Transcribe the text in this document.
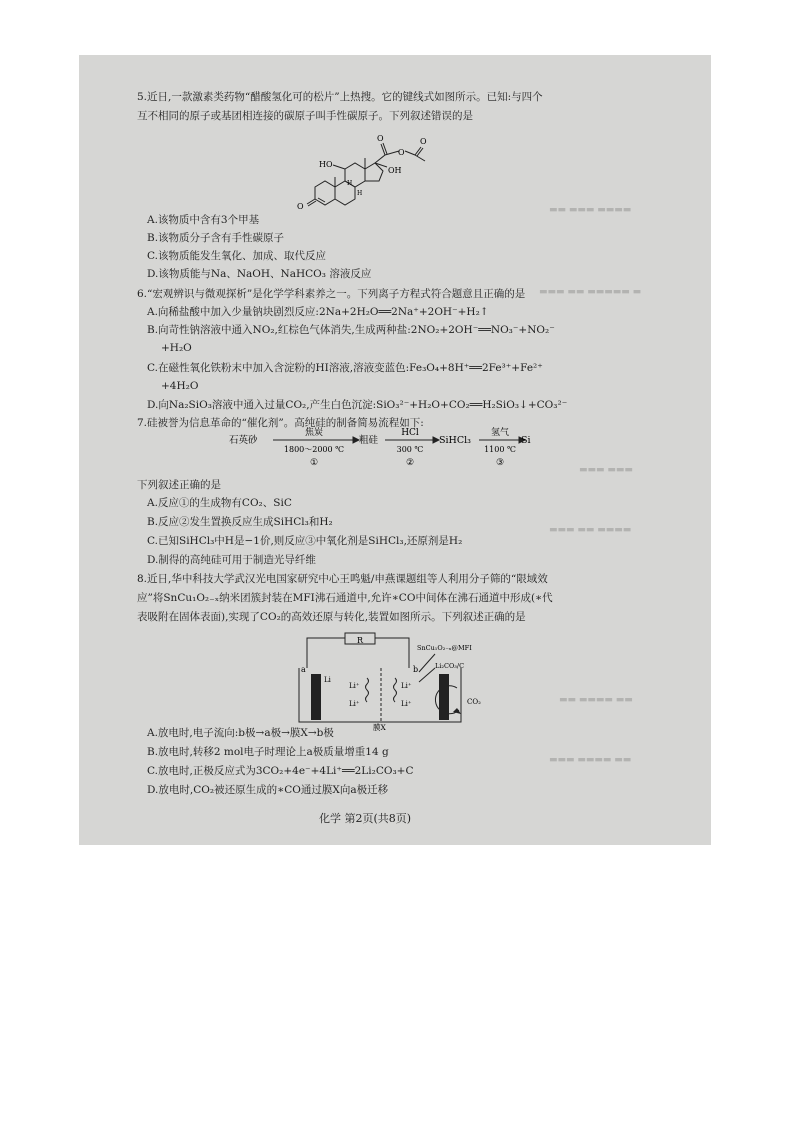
▬▬ ▬▬▬ ▬▬▬▬
▬▬▬ ▬▬ ▬▬▬▬▬ ▬
▬▬▬ ▬▬▬
▬▬▬ ▬▬ ▬▬▬▬
▬▬ ▬▬▬▬ ▬▬
▬▬▬ ▬▬▬▬ ▬▬
5.近日,一款激素类药物“醋酸氢化可的松片”上热搜。它的键线式如图所示。已知:与四个
互不相同的原子或基团相连接的碳原子叫手性碳原子。下列叙述错误的是
O
HO
O
OH
O
O
H
H
A.该物质中含有3个甲基
B.该物质分子含有手性碳原子
C.该物质能发生氧化、加成、取代反应
D.该物质能与Na、NaOH、NaHCO₃ 溶液反应
6.“宏观辨识与微观探析”是化学学科素养之一。下列离子方程式符合题意且正确的是
A.向稀盐酸中加入少量钠块剧烈反应:2Na+2H₂O══2Na⁺+2OH⁻+H₂↑
B.向苛性钠溶液中通入NO₂,红棕色气体消失,生成两种盐:2NO₂+2OH⁻══NO₃⁻+NO₂⁻
+H₂O
C.在磁性氧化铁粉末中加入含淀粉的HI溶液,溶液变蓝色:Fe₃O₄+8H⁺══2Fe³⁺+Fe²⁺
+4H₂O
D.向Na₂SiO₃溶液中通入过量CO₂,产生白色沉淀:SiO₃²⁻+H₂O+CO₂══H₂SiO₃↓+CO₃²⁻
7.硅被誉为信息革命的“催化剂”。高纯硅的制备简易流程如下:
石英砂	粗硅	SiHCl₃	Si
焦炭
1800～2000 ℃
①
HCl
300 ℃
②
氢气
1100 ℃
③
下列叙述正确的是
A.反应①的生成物有CO₂、SiC
B.反应②发生置换反应生成SiHCl₃和H₂
C.已知SiHCl₃中H是−1价,则反应③中氧化剂是SiHCl₃,还原剂是H₂
D.制得的高纯硅可用于制造光导纤维
8.近日,华中科技大学武汉光电国家研究中心王鸣魁/申燕课题组等人利用分子筛的“限域效
应”将SnCu₁O₂₋ₓ纳米团簇封装在MFI沸石通道中,允许∗CO中间体在沸石通道中形成(∗代
表吸附在固体表面),实现了CO₂的高效还原与转化,装置如图所示。下列叙述正确的是
R
a	b
Li
Li⁺
Li⁺
Li⁺
Li⁺
SnCu₁O₂₋ₓ@MFI
Li₂CO₃/C
CO₂
膜X
A.放电时,电子流向:b极→a极→膜X→b极
B.放电时,转移2 mol电子时理论上a极质量增重14 g
C.放电时,正极反应式为3CO₂+4e⁻+4Li⁺══2Li₂CO₃+C
D.放电时,CO₂被还原生成的∗CO通过膜X向a极迁移
化学 第2页(共8页)
